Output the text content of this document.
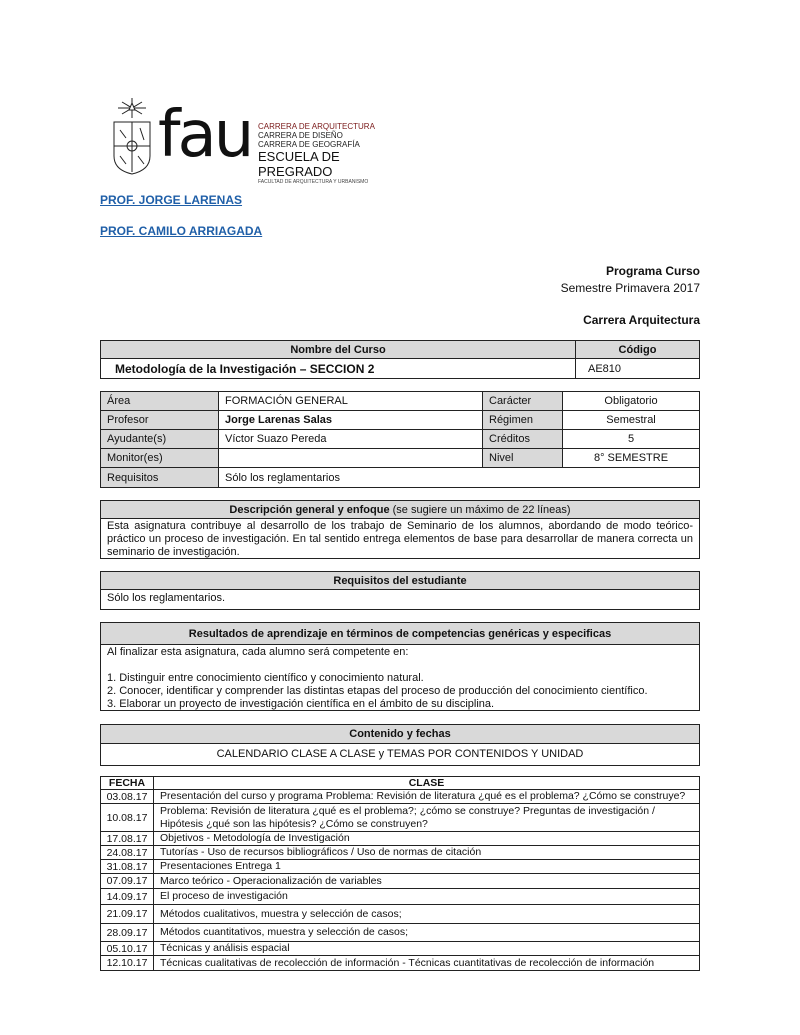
fau CARRERA DE ARQUITECTURA
CARRERA DE DISEÑO
CARRERA DE GEOGRAFÍA
ESCUELA DE PREGRADO
FACULTAD DE ARQUITECTURA Y URBANISMO
PROF. JORGE LARENAS
PROF. CAMILO ARRIAGADA
Programa Curso
Semestre Primavera 2017
Carrera Arquitectura
Nombre del Curso	Código
Metodología de la Investigación – SECCION 2	AE810
Área	FORMACIÓN GENERAL	Carácter	Obligatorio
Profesor	Jorge Larenas Salas	Régimen	Semestral
Ayudante(s)	Víctor Suazo Pereda	Créditos	5
Monitor(es)		Nivel	8° SEMESTRE
Requisitos	Sólo los reglamentarios		
Descripción general y enfoque
(se sugiere un máximo de 22 líneas)
Esta asignatura contribuye al desarrollo de los trabajo de Seminario de los alumnos, abordando de modo teórico-práctico un proceso de investigación. En tal sentido entrega elementos de base para desarrollar de manera correcta un seminario de investigación.
Requisitos del estudiante
Sólo los reglamentarios.
Resultados de aprendizaje en términos de competencias genéricas y especificas
Al finalizar esta asignatura, cada alumno será competente en:
1. Distinguir entre conocimiento científico y conocimiento natural.
2. Conocer, identificar y comprender las distintas etapas del proceso de producción del conocimiento científico.
3. Elaborar un proyecto de investigación científica en el ámbito de su disciplina.
Contenido y fechas
CALENDARIO CLASE A CLASE y TEMAS POR CONTENIDOS Y UNIDAD
FECHA	CLASE
03.08.17	Presentación del curso y programa Problema: Revisión de literatura ¿qué es el problema? ¿Cómo se construye?
10.08.17	Problema: Revisión de literatura ¿qué es el problema?; ¿cómo se construye? Preguntas de investigación / Hipótesis ¿qué son las hipótesis? ¿Cómo se construyen?
17.08.17	Objetivos - Metodología de Investigación
24.08.17	Tutorías - Uso de recursos bibliográficos / Uso de normas de citación
31.08.17	Presentaciones Entrega 1
07.09.17	Marco teórico - Operacionalización de variables
14.09.17	El proceso de investigación
21.09.17	Métodos cualitativos, muestra y selección de casos;
28.09.17	Métodos cuantitativos, muestra y selección de casos;
05.10.17	Técnicas y análisis espacial
12.10.17	Técnicas cualitativas de recolección de información - Técnicas cuantitativas de recolección de información
